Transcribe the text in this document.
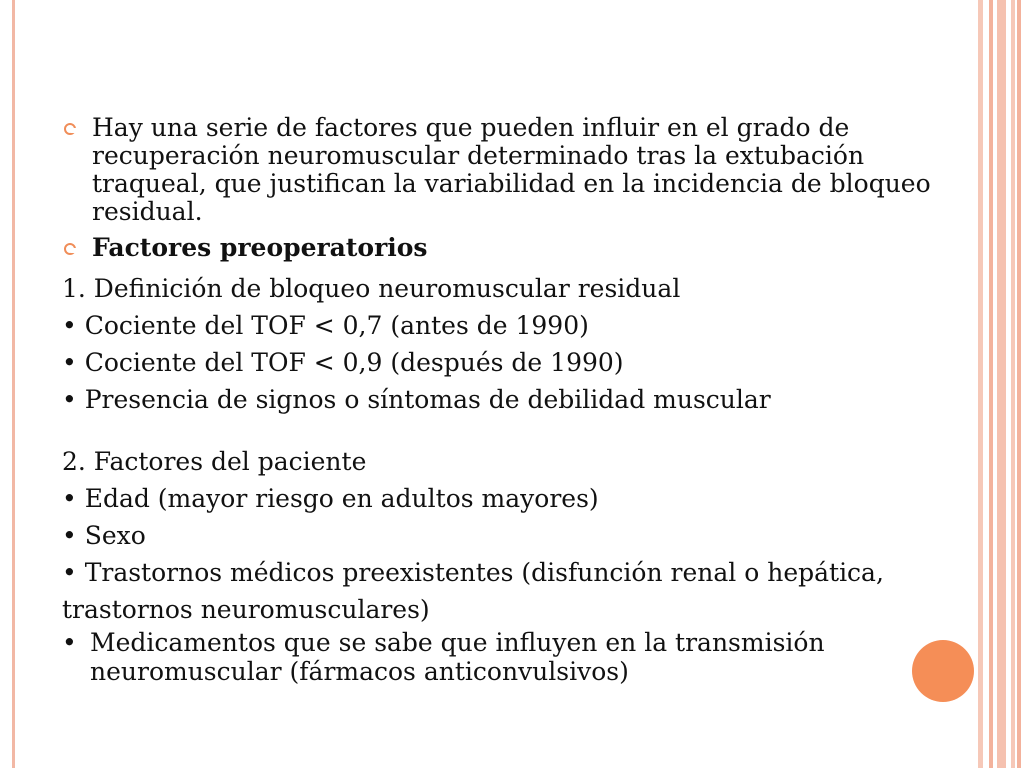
Hay una serie de factores que pueden influir en el grado de recuperación neuromuscular determinado tras la extubación traqueal, que justifican la variabilidad en la incidencia de bloqueo residual.

Factores preoperatorios

1. Definición de bloqueo neuromuscular residual

• Cociente del TOF < 0,7 (antes de 1990)

• Cociente del TOF < 0,9 (después de 1990)

• Presencia de signos o síntomas de debilidad muscular

2. Factores del paciente

• Edad (mayor riesgo en adultos mayores)

• Sexo

• Trastornos médicos preexistentes (disfunción renal o hepática,

trastornos neuromusculares)

• Medicamentos que se sabe que influyen en la transmisión neuromuscular (fármacos anticonvulsivos)
